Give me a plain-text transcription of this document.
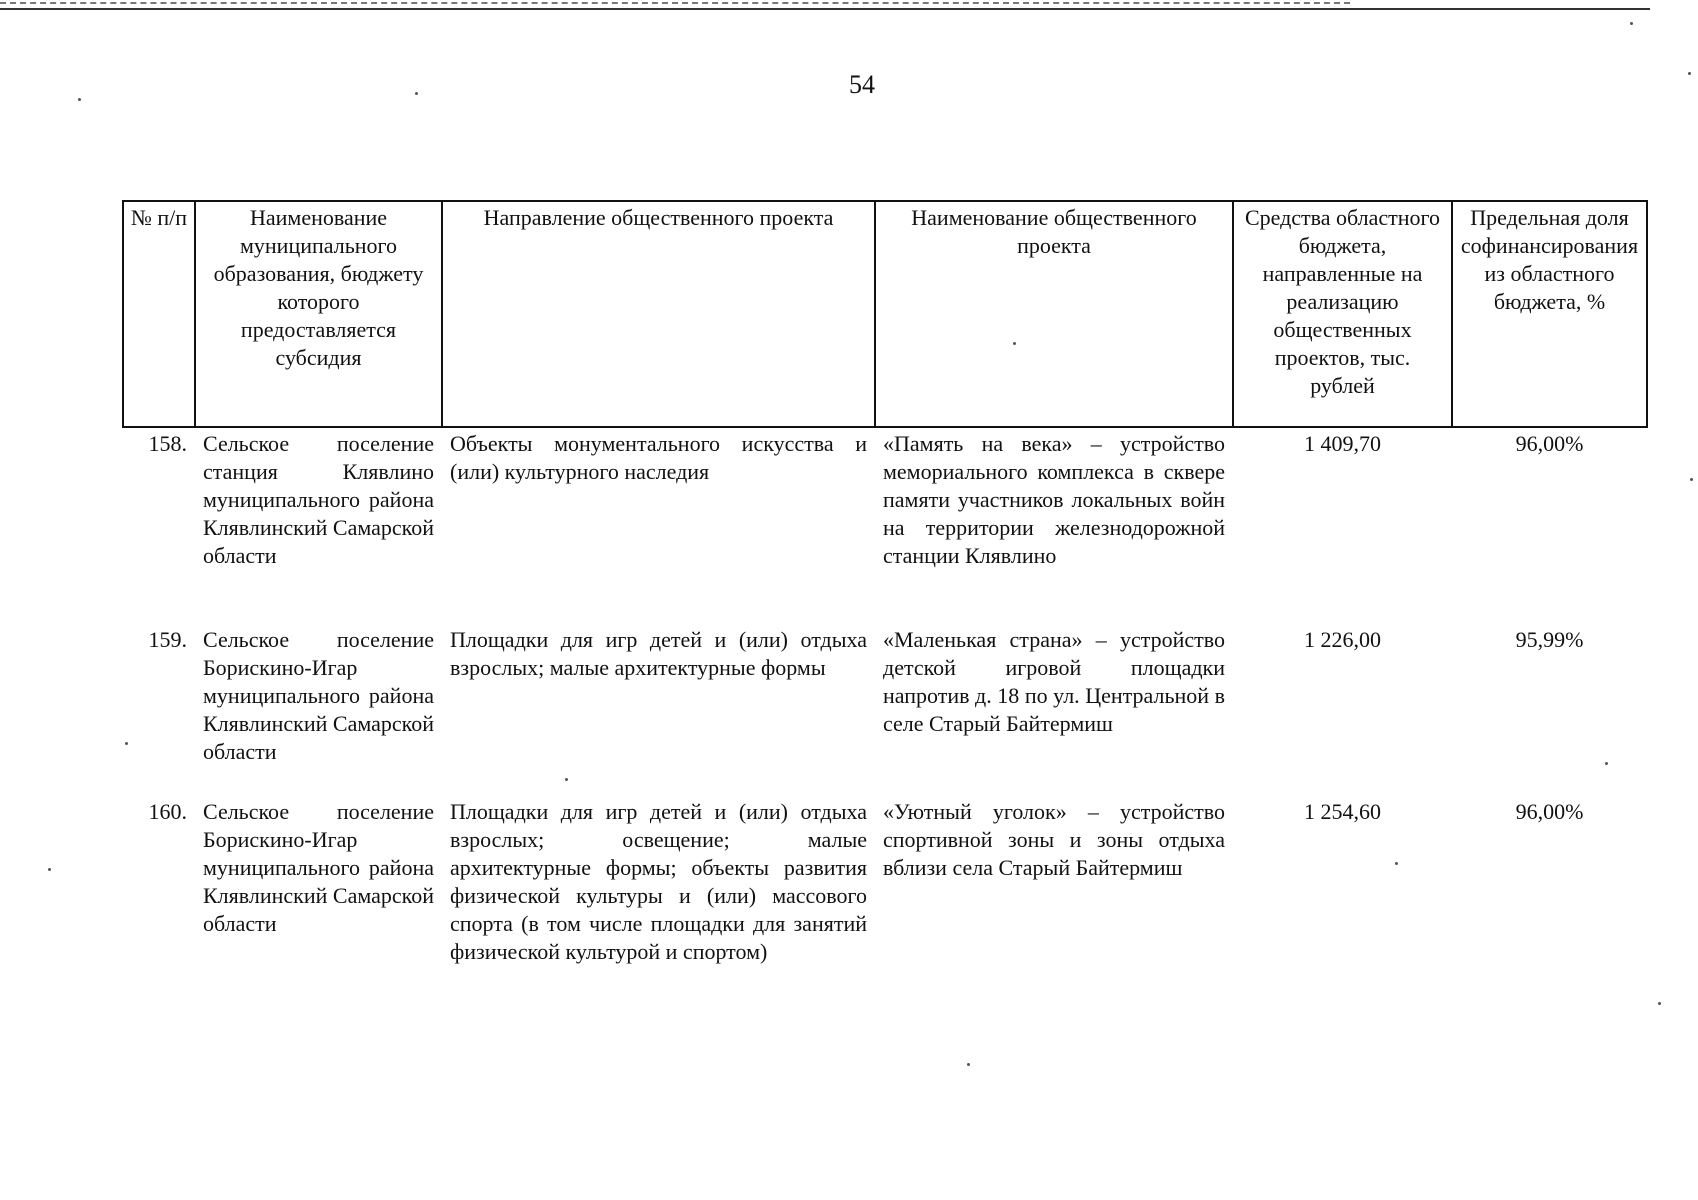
54
№ п/п	Наименование муниципального образования, бюджету которого предоставляется субсидия	Направление общественного проекта	Наименование общественного проекта	Средства областного бюджета, направленные на реализацию общественных проектов, тыс. рублей	Предельная доля софинансирования из областного бюджета, %
158.	Сельское поселение станция Клявлино муниципального района Клявлинский Самарской области	Объекты монументального искусства и (или) культурного наследия	«Память на века» – устройство мемориального комплекса в сквере памяти участников локальных войн на территории железнодорожной станции Клявлино	1 409,70	96,00%
159.	Сельское поселение Борискино-Игар муниципального района Клявлинский Самарской области	Площадки для игр детей и (или) отдыха взрослых; малые архитектурные формы	«Маленькая страна» – устройство детской игровой площадки напротив д. 18 по ул. Центральной в селе Старый Байтермиш	1 226,00	95,99%
160.	Сельское поселение Борискино-Игар муниципального района Клявлинский Самарской области	Площадки для игр детей и (или) отдыха взрослых; освещение; малые архитектурные формы; объекты развития физической культуры и (или) массового спорта (в том числе площадки для занятий физической культурой и спортом)	«Уютный уголок» – устройство спортивной зоны и зоны отдыха вблизи села Старый Байтермиш	1 254,60	96,00%
